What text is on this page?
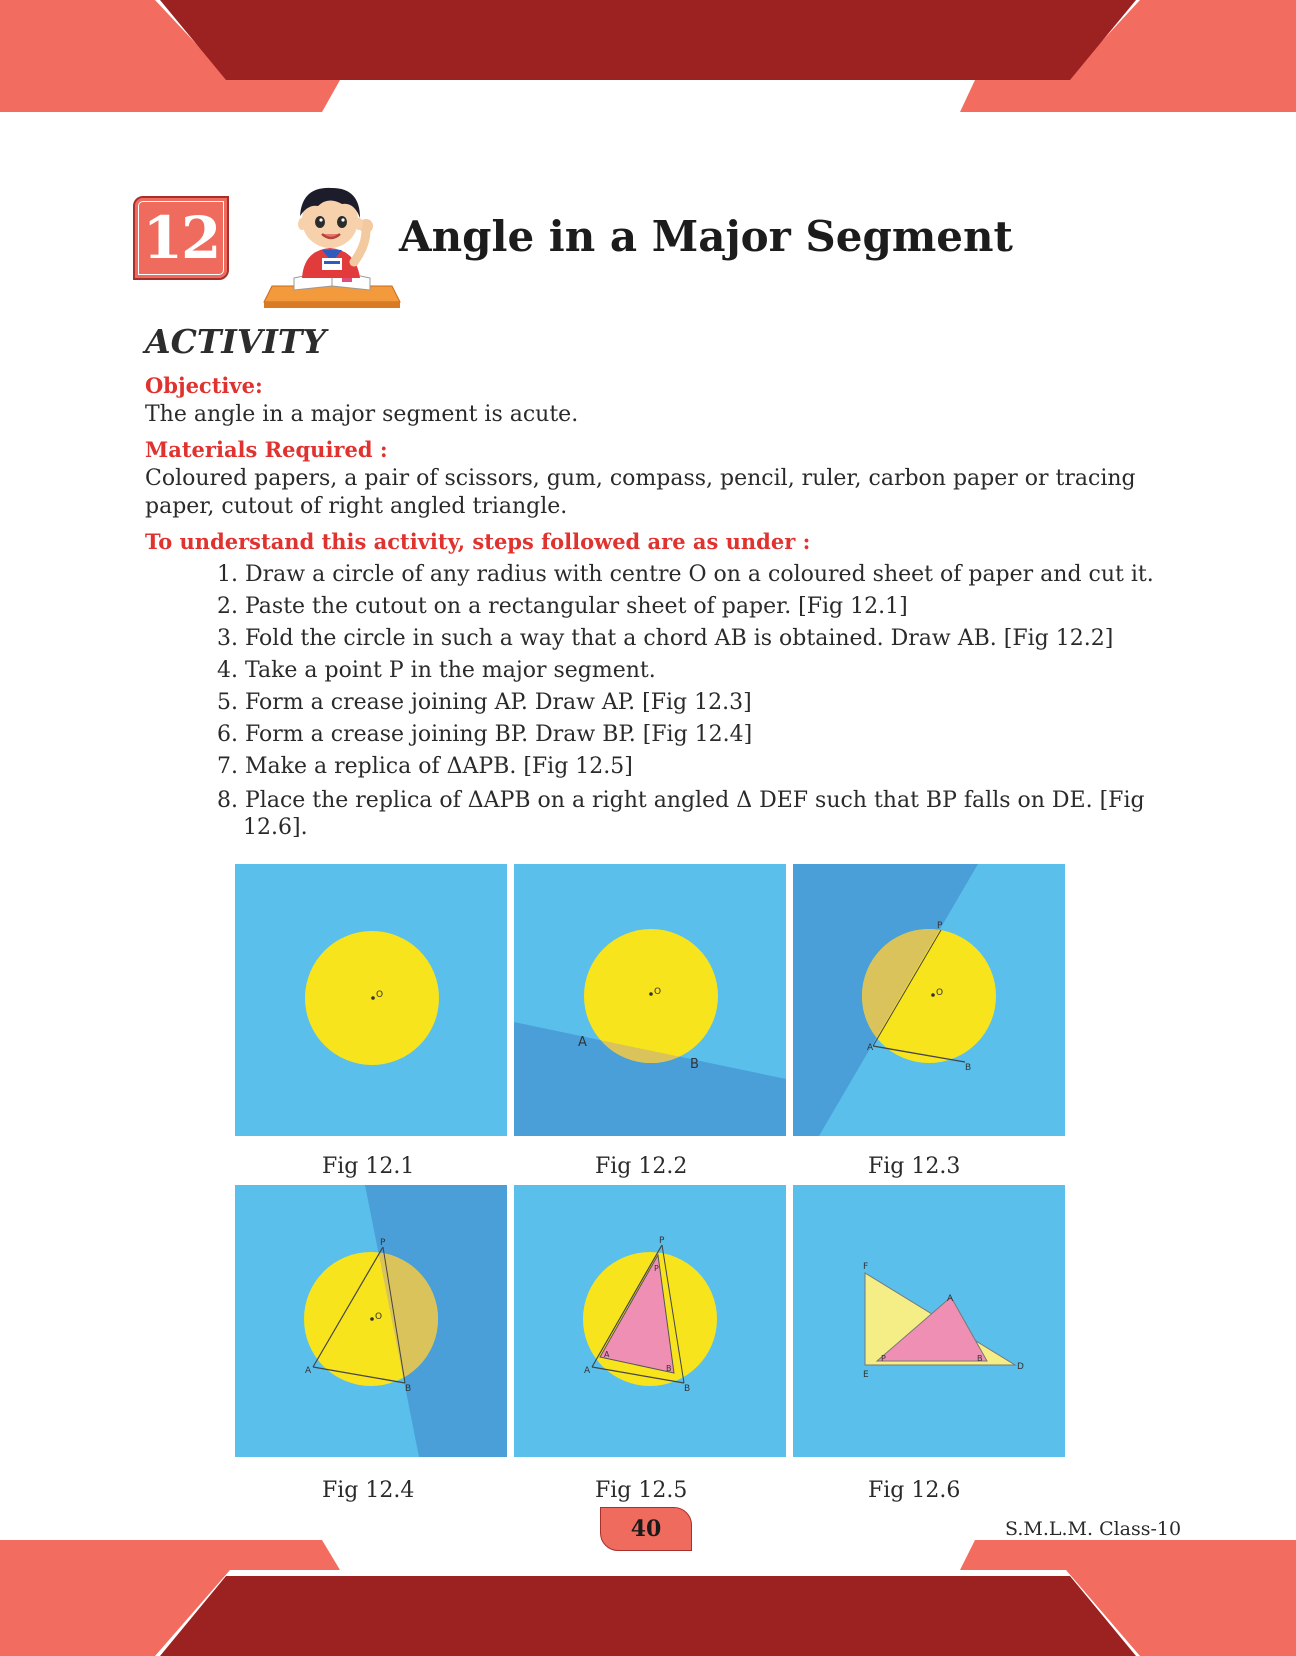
12	Angle in a Major Segment
ACTIVITY
Objective:
The angle in a major segment is acute.
Materials Required :
Coloured papers, a pair of scissors, gum, compass, pencil, ruler, carbon paper or tracing paper, cutout of right angled triangle.
To understand this activity, steps followed are as under :
1. Draw a circle of any radius with centre O on a coloured sheet of paper and cut it.
2. Paste the cutout on a rectangular sheet of paper. [Fig 12.1]
3. Fold the circle in such a way that a chord AB is obtained. Draw AB. [Fig 12.2]
4. Take a point P in the major segment.
5. Form a crease joining AP. Draw AP. [Fig 12.3]
6. Form a crease joining BP. Draw BP. [Fig 12.4]
7. Make a replica of ΔAPB. [Fig 12.5]
8. Place the replica of ΔAPB on a right angled Δ DEF such that BP falls on DE. [Fig
12.6].
O	O
A
B
O
P
A
B
Fig 12.1	Fig 12.2	Fig 12.3
O
P
A
B
P
P
A
A
B
B
F
E
D
A
P	B
Fig 12.4	Fig 12.5	Fig 12.6
40	S.M.L.M. Class-10
